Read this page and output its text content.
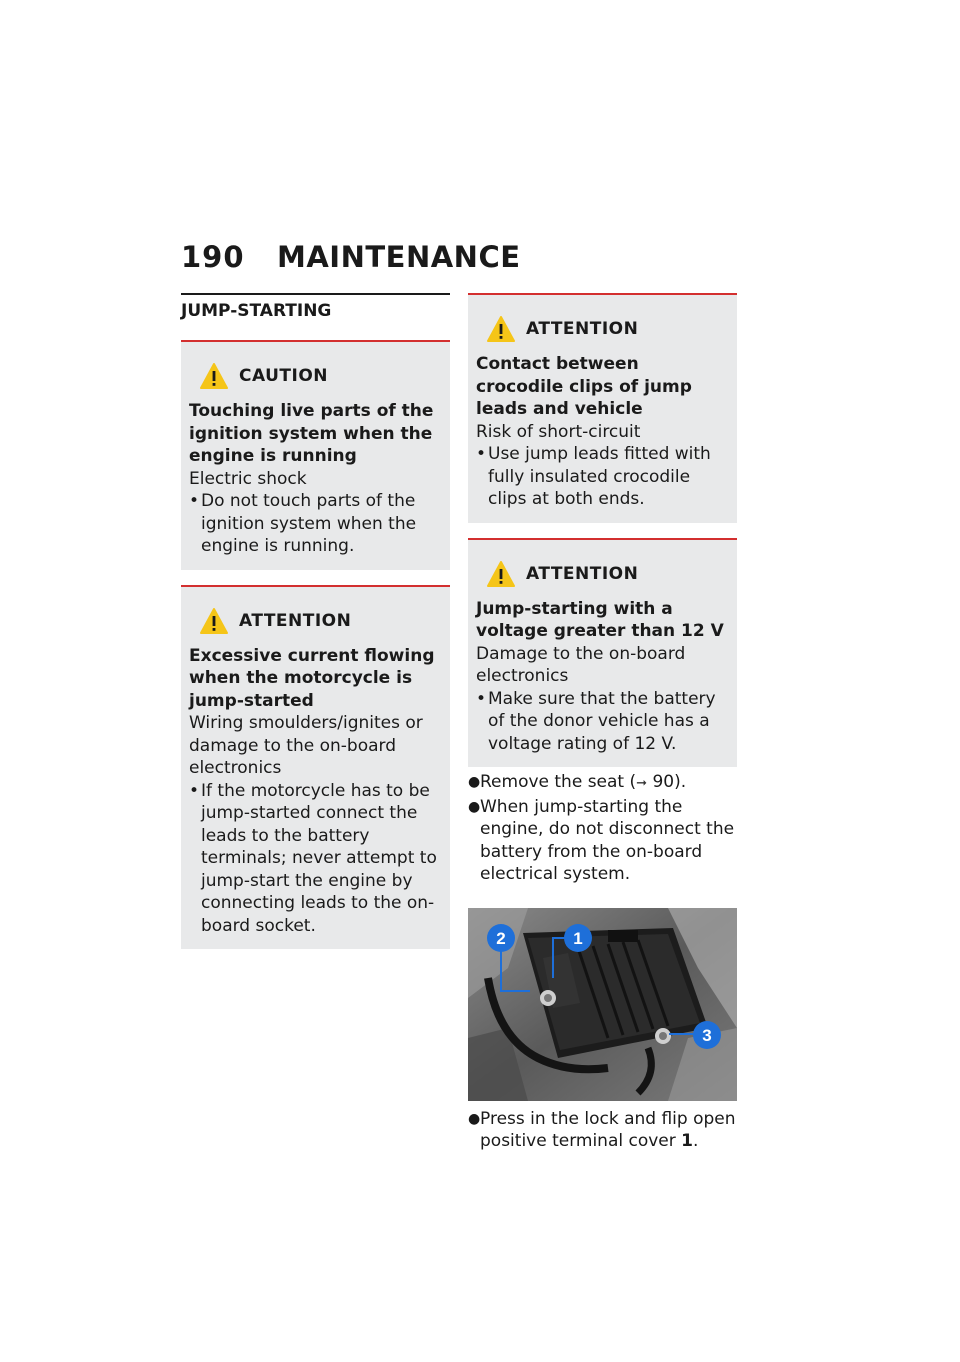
190	MAINTENANCE
JUMP-STARTING
CAUTION
Touching live parts of the ignition system when the engine is running
Electric shock
• Do not touch parts of the ignition system when the engine is running.
ATTENTION
Excessive current flowing when the motorcycle is jump-started
Wiring smoulders/ignites or damage to the on-board electronics
• If the motorcycle has to be jump-started connect the leads to the battery terminals; never attempt to jump-start the engine by connecting leads to the on-board socket.
ATTENTION
Contact between crocodile clips of jump leads and vehicle
Risk of short-circuit
• Use jump leads fitted with fully insulated crocodile clips at both ends.
ATTENTION
Jump-starting with a voltage greater than 12 V
Damage to the on-board electronics
• Make sure that the battery of the donor vehicle has a voltage rating of 12 V.
● Remove the seat (➞ 90).
● When jump-starting the engine, do not disconnect the battery from the on-board electrical system.
2	1
3
● Press in the lock and flip open positive terminal cover 1.
